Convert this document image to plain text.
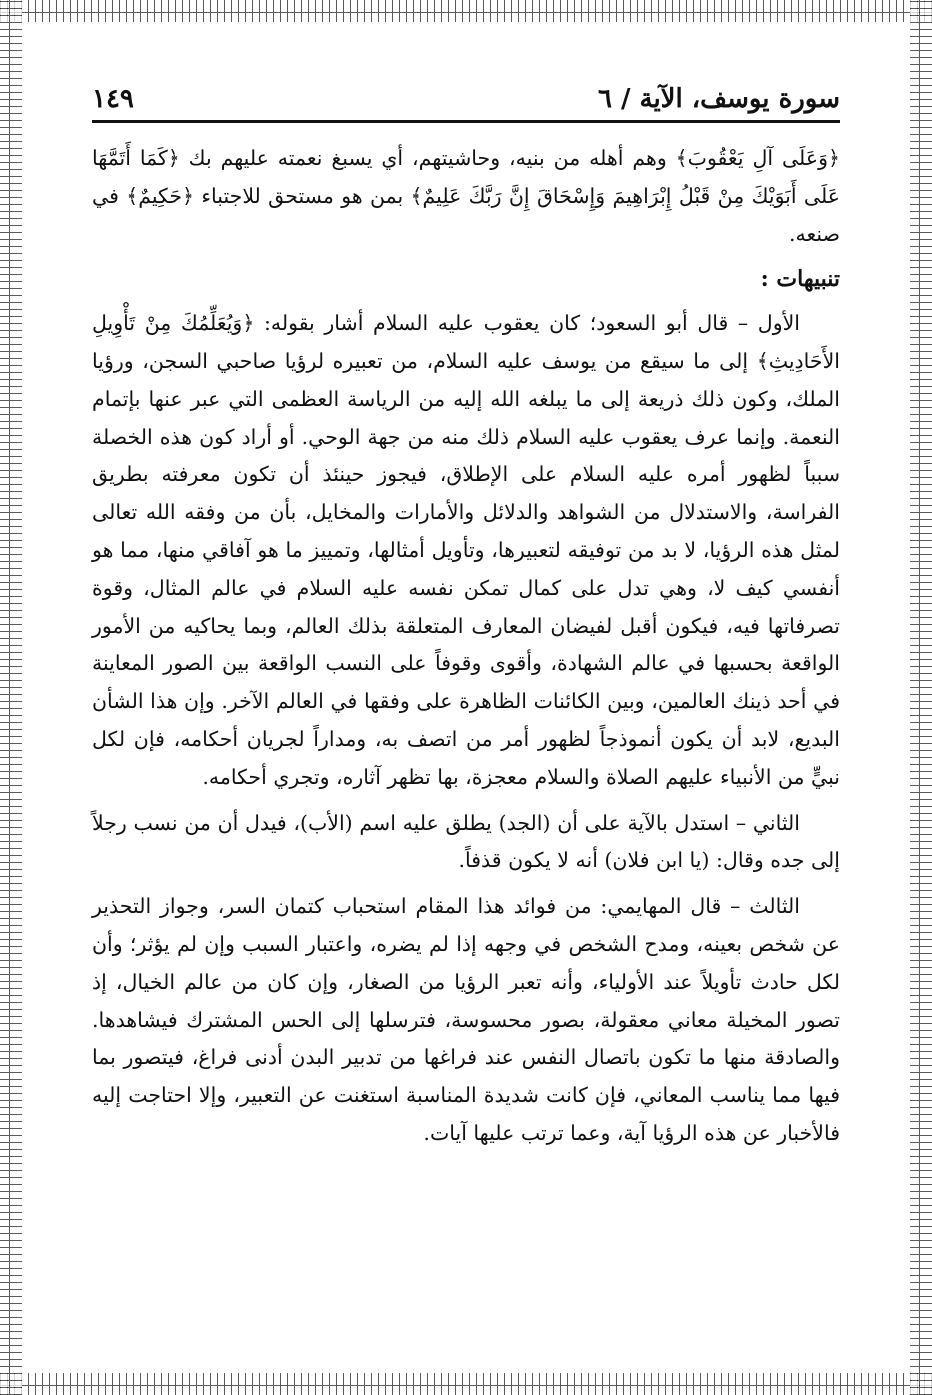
سورة يوسف، الآية / ٦
١٤٩

﴿وَعَلَى آلِ يَعْقُوبَ﴾ وهم أهله من بنيه، وحاشيتهم، أي يسبغ نعمته عليهم بك ﴿كَمَا أَتَمَّهَا عَلَى أَبَوَيْكَ مِنْ قَبْلُ إِبْرَاهِيمَ وَإِسْحَاقَ إِنَّ رَبَّكَ عَلِيمٌ﴾ بمن هو مستحق للاجتباء ﴿حَكِيمٌ﴾ في صنعه.

تنبيهات :

الأول – قال أبو السعود؛ كان يعقوب عليه السلام أشار بقوله: ﴿وَيُعَلِّمُكَ مِنْ تَأْوِيلِ الأَحَادِيثِ﴾ إلى ما سيقع من يوسف عليه السلام، من تعبيره لرؤيا صاحبي السجن، ورؤيا الملك، وكون ذلك ذريعة إلى ما يبلغه الله إليه من الرياسة العظمى التي عبر عنها بإتمام النعمة. وإنما عرف يعقوب عليه السلام ذلك منه من جهة الوحي. أو أراد كون هذه الخصلة سبباً لظهور أمره عليه السلام على الإطلاق، فيجوز حينئذ أن تكون معرفته بطريق الفراسة، والاستدلال من الشواهد والدلائل والأمارات والمخايل، بأن من وفقه الله تعالى لمثل هذه الرؤيا، لا بد من توفيقه لتعبيرها، وتأويل أمثالها، وتمييز ما هو آفاقي منها، مما هو أنفسي كيف لا، وهي تدل على كمال تمكن نفسه عليه السلام في عالم المثال، وقوة تصرفاتها فيه، فيكون أقبل لفيضان المعارف المتعلقة بذلك العالم، وبما يحاكيه من الأمور الواقعة بحسبها في عالم الشهادة، وأقوى وقوفاً على النسب الواقعة بين الصور المعاينة في أحد ذينك العالمين، وبين الكائنات الظاهرة على وفقها في العالم الآخر. وإن هذا الشأن البديع، لابد أن يكون أنموذجاً لظهور أمر من اتصف به، ومداراً لجريان أحكامه، فإن لكل نبيٍّ من الأنبياء عليهم الصلاة والسلام معجزة، بها تظهر آثاره، وتجري أحكامه.

الثاني – استدل بالآية على أن (الجد) يطلق عليه اسم (الأب)، فيدل أن من نسب رجلاً إلى جده وقال: (يا ابن فلان) أنه لا يكون قذفاً.

الثالث – قال المهايمي: من فوائد هذا المقام استحباب كتمان السر، وجواز التحذير عن شخص بعينه، ومدح الشخص في وجهه إذا لم يضره، واعتبار السبب وإن لم يؤثر؛ وأن لكل حادث تأويلاً عند الأولياء، وأنه تعبر الرؤيا من الصغار، وإن كان من عالم الخيال، إذ تصور المخيلة معاني معقولة، بصور محسوسة، فترسلها إلى الحس المشترك فيشاهدها. والصادقة منها ما تكون باتصال النفس عند فراغها من تدبير البدن أدنى فراغ، فيتصور بما فيها مما يناسب المعاني، فإن كانت شديدة المناسبة استغنت عن التعبير، وإلا احتاجت إليه فالأخبار عن هذه الرؤيا آية، وعما ترتب عليها آيات.
